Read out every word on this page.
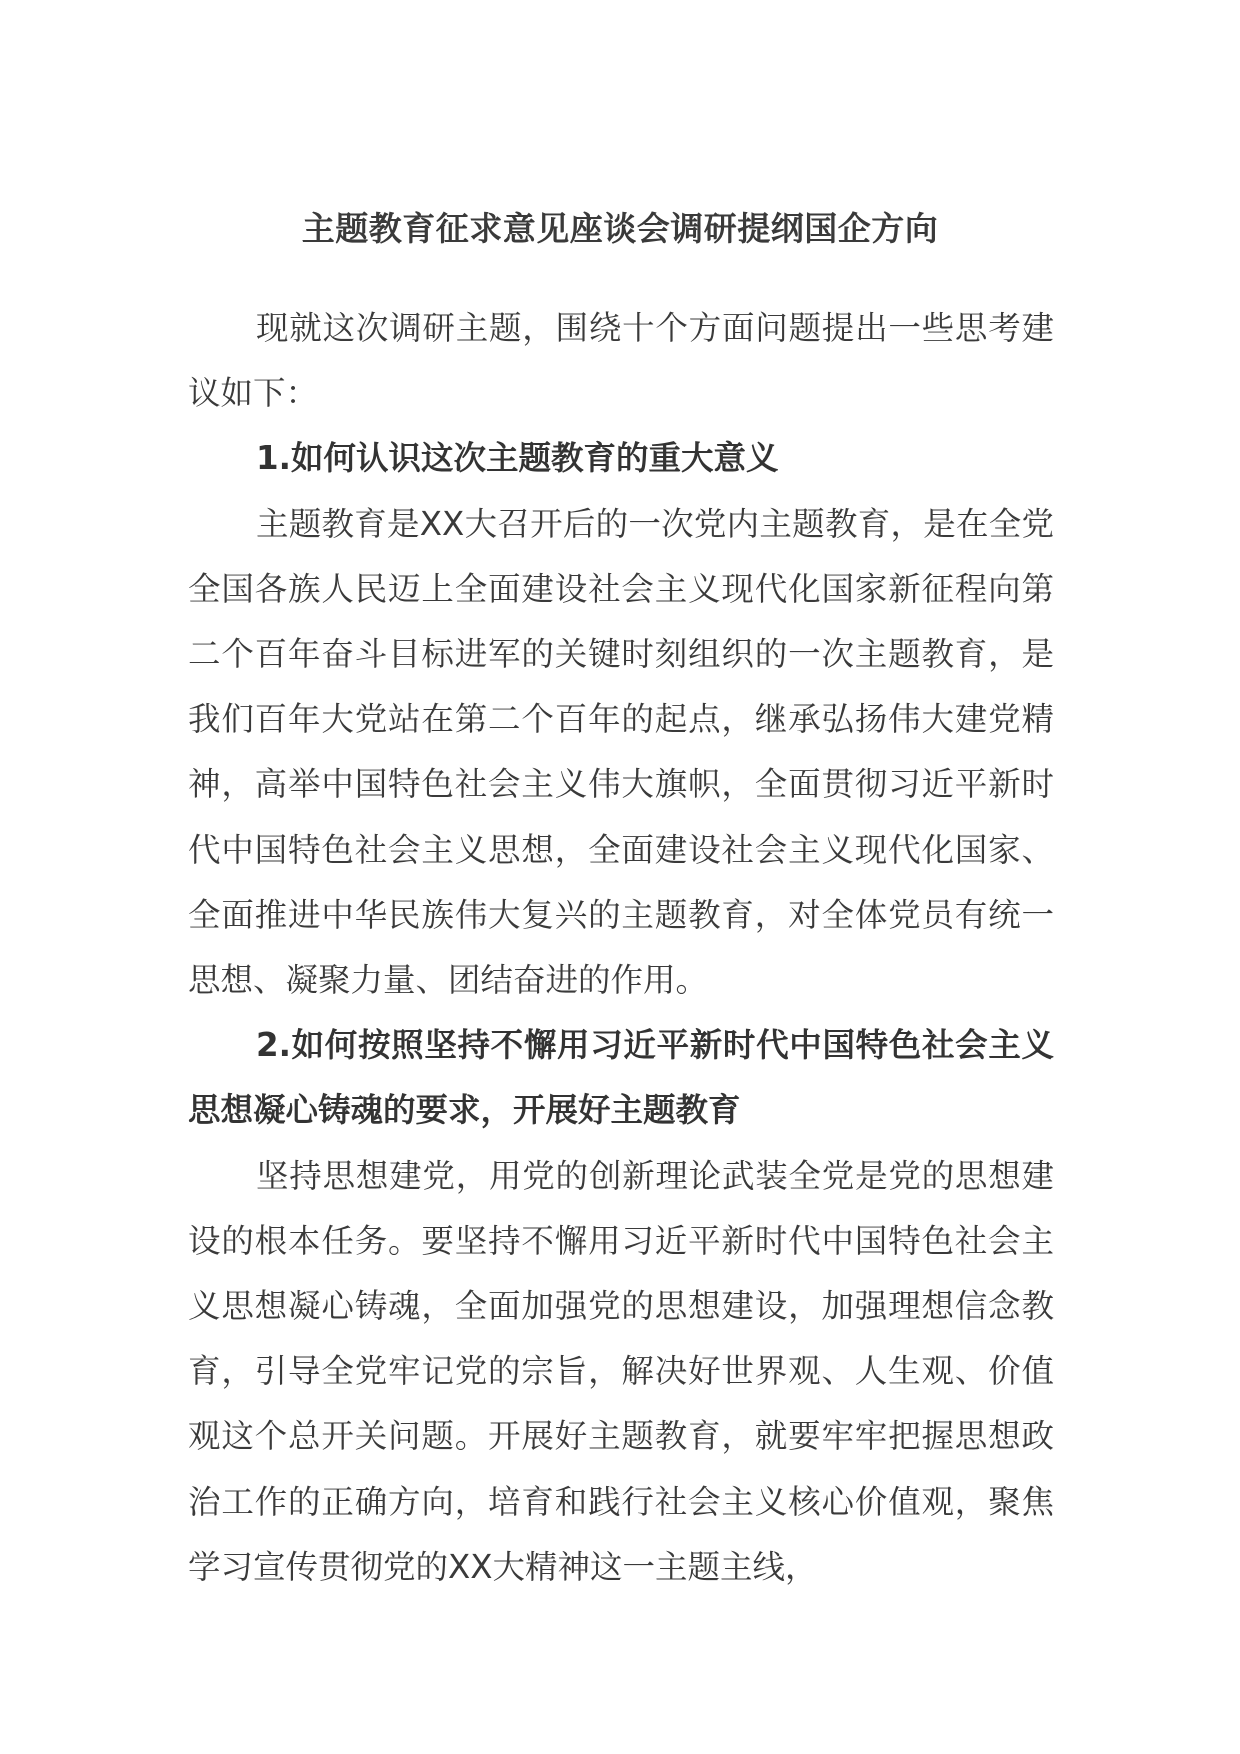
主题教育征求意见座谈会调研提纲国企方向

现就这次调研主题，围绕十个方面问题提出一些思考建议如下：

1.如何认识这次主题教育的重大意义

主题教育是XX大召开后的一次党内主题教育，是在全党全国各族人民迈上全面建设社会主义现代化国家新征程向第二个百年奋斗目标进军的关键时刻组织的一次主题教育，是我们百年大党站在第二个百年的起点，继承弘扬伟大建党精神，高举中国特色社会主义伟大旗帜，全面贯彻习近平新时代中国特色社会主义思想，全面建设社会主义现代化国家、全面推进中华民族伟大复兴的主题教育，对全体党员有统一思想、凝聚力量、团结奋进的作用。

2.如何按照坚持不懈用习近平新时代中国特色社会主义思想凝心铸魂的要求，开展好主题教育

坚持思想建党，用党的创新理论武装全党是党的思想建设的根本任务。要坚持不懈用习近平新时代中国特色社会主义思想凝心铸魂，全面加强党的思想建设，加强理想信念教育，引导全党牢记党的宗旨，解决好世界观、人生观、价值观这个总开关问题。开展好主题教育，就要牢牢把握思想政治工作的正确方向，培育和践行社会主义核心价值观，聚焦学习宣传贯彻党的XX大精神这一主题主线，
